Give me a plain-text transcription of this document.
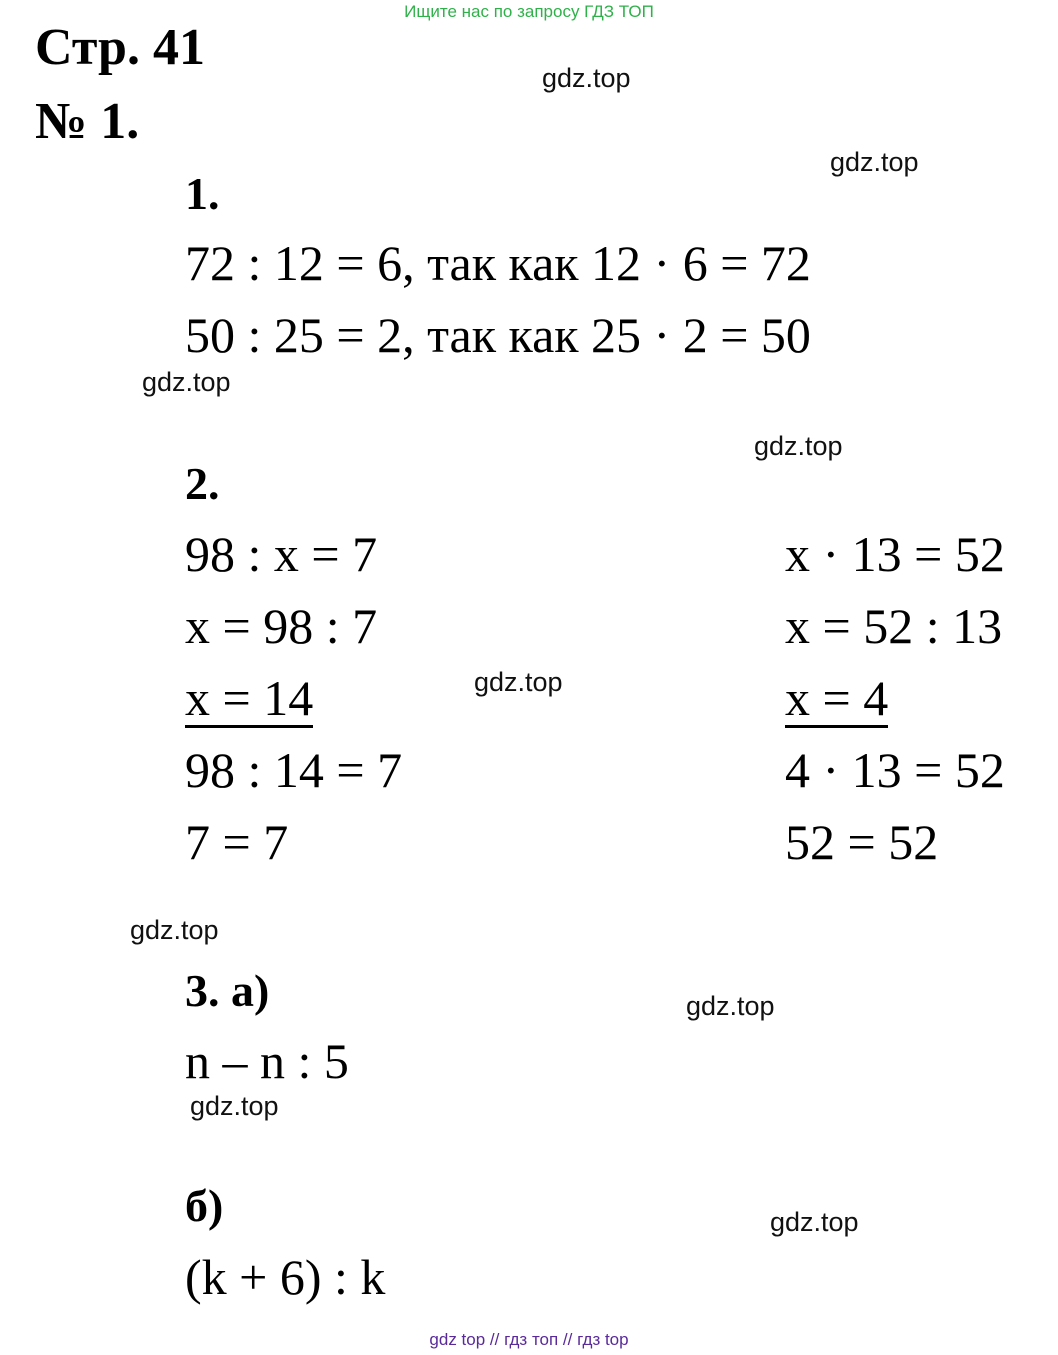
Ищите нас по запросу ГДЗ ТОП
Стр. 41
№ 1.
1.
72 : 12 = 6, так как 12 · 6 = 72
50 : 25 = 2, так как 25 · 2 = 50
2.
98 : x = 7
x = 98 : 7
x = 14
98 : 14 = 7
7 = 7
x · 13 = 52
x = 52 : 13
x = 4
4 · 13 = 52
52 = 52
3. а)
n – n : 5
б)
(k + 6) : k
gdz.top
gdz.top
gdz.top
gdz.top
gdz.top
gdz.top
gdz.top
gdz.top
gdz.top
gdz top // гдз топ // гдз top
